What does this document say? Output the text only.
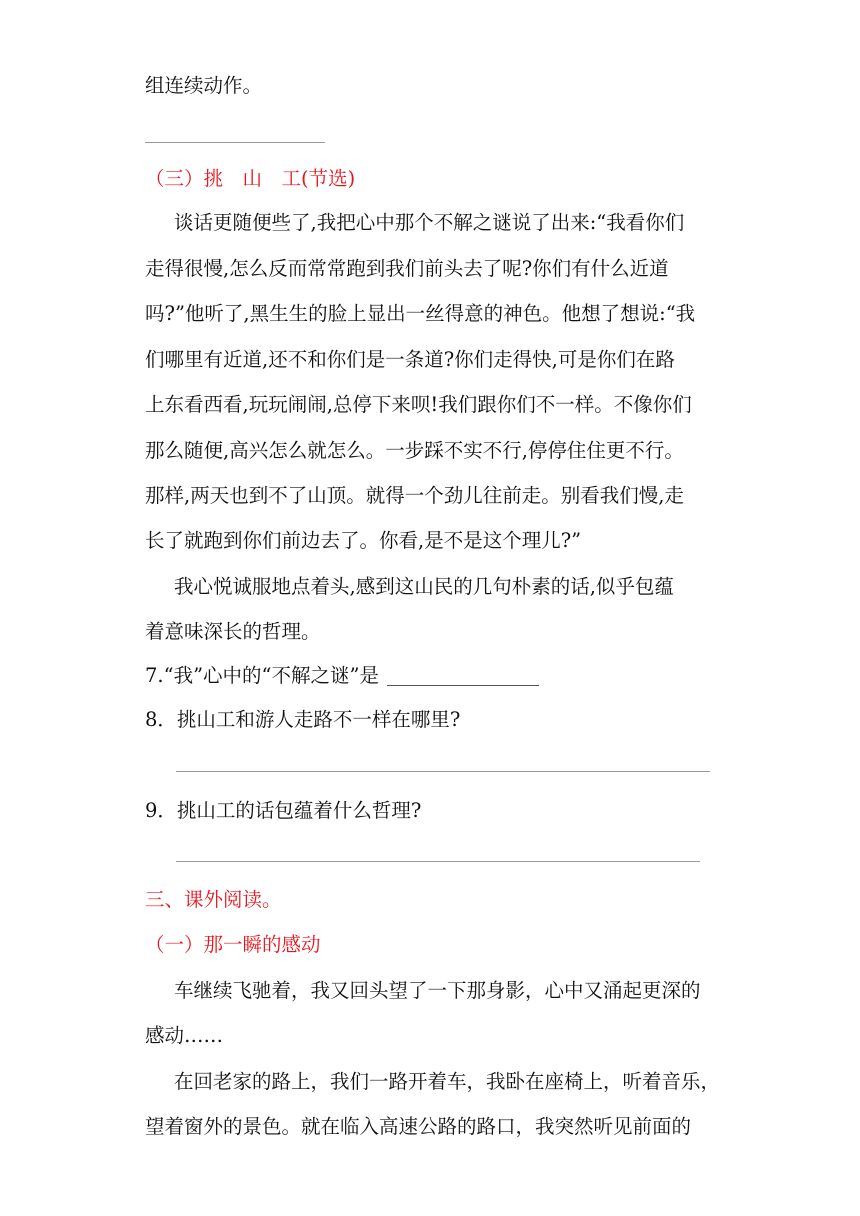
组连续动作。
（三）挑　山　工(节选)
谈话更随便些了,我把心中那个不解之谜说了出来:“我看你们
走得很慢,怎么反而常常跑到我们前头去了呢?你们有什么近道
吗?”他听了,黑生生的脸上显出一丝得意的神色。他想了想说:“我
们哪里有近道,还不和你们是一条道?你们走得快,可是你们在路
上东看西看,玩玩闹闹,总停下来呗!我们跟你们不一样。不像你们
那么随便,高兴怎么就怎么。一步踩不实不行,停停住住更不行。
那样,两天也到不了山顶。就得一个劲儿往前走。别看我们慢,走
长了就跑到你们前边去了。你看,是不是这个理儿?”
我心悦诚服地点着头,感到这山民的几句朴素的话,似乎包蕴
着意味深长的哲理。
7.“我”心中的“不解之谜”是
8．挑山工和游人走路不一样在哪里?
9．挑山工的话包蕴着什么哲理?
三、课外阅读。
（一）那一瞬的感动
车继续飞驰着，我又回头望了一下那身影，心中又涌起更深的
感动……
在回老家的路上，我们一路开着车，我卧在座椅上，听着音乐，
望着窗外的景色。就在临入高速公路的路口，我突然听见前面的
